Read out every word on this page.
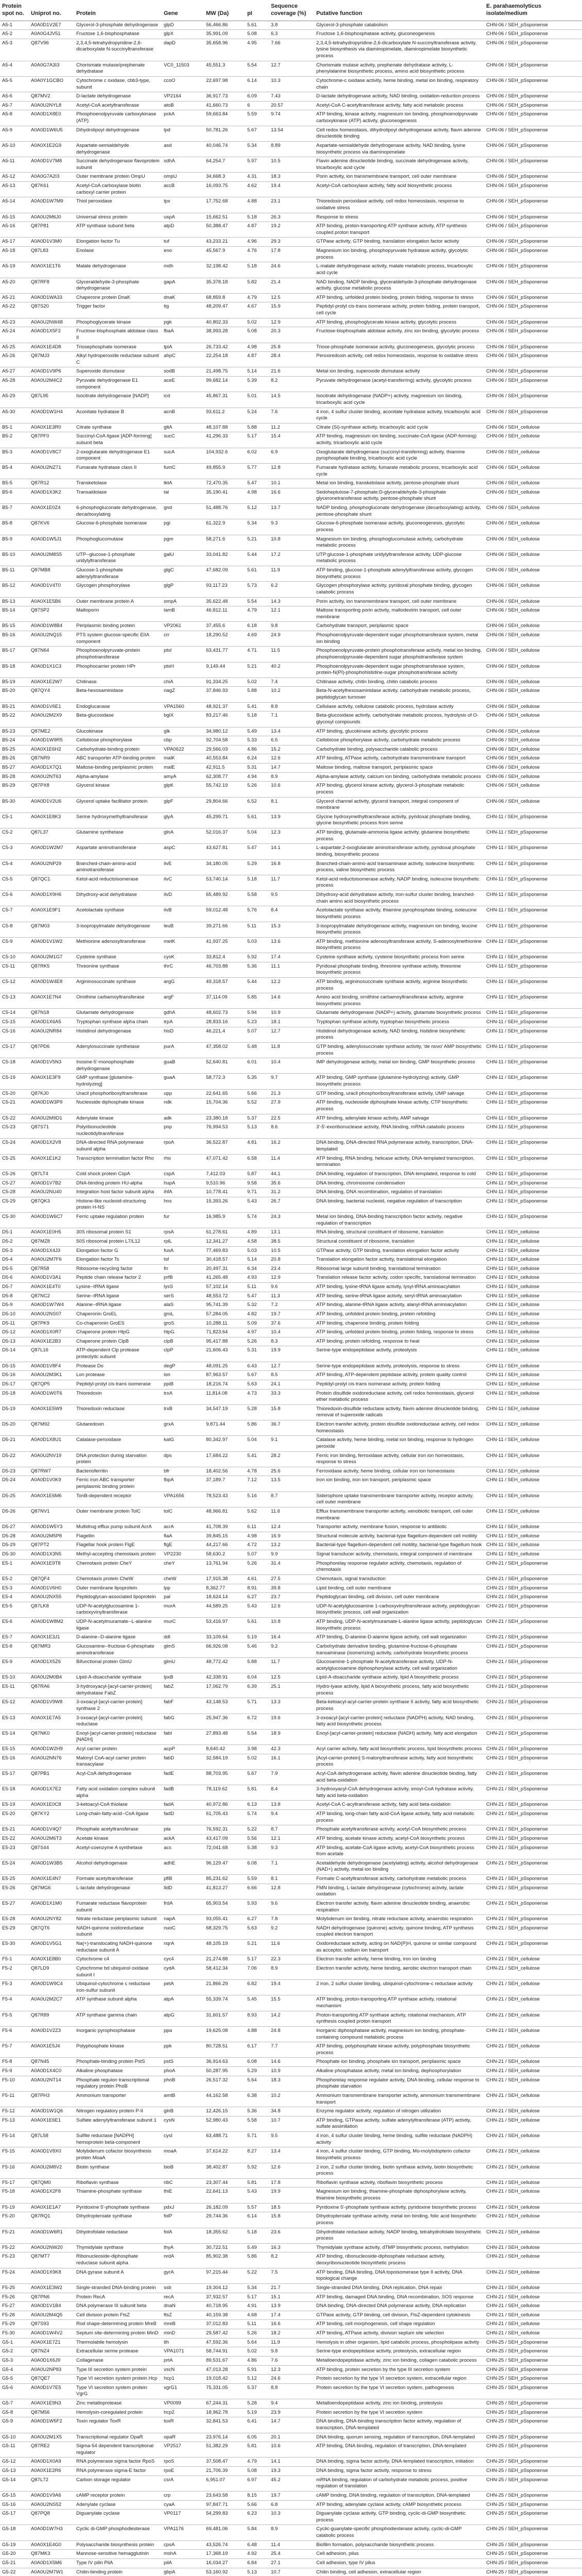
Protein spot no.	Uniprot no.	Protein	Gene	MW (Da)	pI	Sequence coverage (%)	Putative function	E. parahaemolyticus isolate/medium
A5-1	A0A0D1V2E7	Glycerol-3-phosphate dehydrogenase	glpD	56,466.86	5.61	3.8	Glycerol-3-phosphate catabolism	CHN-06 / SEH_pSsponense
A5-2	A0A0G4JV51	Fructose 1,6-bisphosphatase	glpX	35,991.09	5.08	6.3	Fructose 1,6-bisphosphatase activity, gluconeogenesis	CHN-06 / SEH_pSsponense
A5-3	Q87V96	2,3,4,5-tetrahydropyridine-2,6-dicarboxylate N-succinyltransferase	dapD	35,658.96	4.95	7.66	2,3,4,5-tetrahydropyridine-2,6-dicarboxylate N-succinyltransferase activity, lysine biosynthesis via diaminopimelate, diaminopimelate biosynthetic process	CHN-06 / SEH_pSsponense
A5-4	A0A0G7A3I3	Chorismate mutase/prephenate dehydratase	VC0_11503	45,551.3	5.54	12.7	Chorismate mutase activity, prephenate dehydratase activity, L-phenylalanine biosynthetic process, amino acid biosynthetic process	CHN-06 / SEH_pSsponense
A5-5	A0A0Y1GCBO	Cytochrome c oxidase, cbb3-type, subunit	ccoO	22,697.98	6.14	10.3	Cytochrome-c oxidase activity, heme binding, metal ion binding, respiratory chain	CHN-06 / SEH_pSsponense
A5-6	Q87MV2	D-lactate dehydrogenase	VP2164	36,917.73	6.09	7.43	D-lactate dehydrogenase activity, NAD binding, oxidation-reduction process	CHN-06 / SEH_pSsponense
A5-7	A0A0U2NYL8	Acetyl-CoA acetyltransferase	atoB	41,660.73	6	20.57	Acetyl-CoA C-acetyltransferase activity, fatty acid metabolic process	CHN-06 / SEH_pSsponense
A5-8	A0A0D1X8E0	Phosphoenolpyruvate carboxykinase (ATP)	pckA	59,663.84	5.59	9.74	ATP binding, kinase activity, magnesium ion binding, phosphoenolpyruvate carboxykinase (ATP) activity, gluconeogenesis	CHN-06 / SEH_pSsponense
A5-9	A0A0D1W6U5	Dihydrolipoyl dehydrogenase	lpd	50,781.26	5.67	13.54	Cell redox homeostasis, dihydrolipoyl dehydrogenase activity, flavin adenine dinucleotide binding	CHN-06 / SEH_pSsponense
A5-10	A0A0X1E2G9	Aspartate-semialdehyde dehydrogenase	asd	40,046.74	5.34	8.89	Aspartate-semialdehyde dehydrogenase activity, NAD binding, lysine biosynthetic process via diaminopimelate	CHN-06 / SEH_pSsponense
A5-11	A0A0D1V7M8	Succinate dehydrogenase flavoprotein subunit	sdhA	64,254.7	5.97	10.5	Flavin adenine dinucleotide binding, succinate dehydrogenase activity, tricarboxylic acid cycle	CHN-06 / SEH_pSsponense
A5-12	A0A0G7A2I3	Outer membrane protein OmpU	ompU	34,668.3	4.31	18.3	Porin activity, ion transmembrane transport, cell outer membrane	CHN-06 / SEH_pSsponense
A5-13	Q87K61	Acetyl-CoA carboxylase biotin carboxyl carrier protein	accB	16,093.75	4.62	19.4	Acetyl-CoA carboxylase activity, fatty acid biosynthetic process	CHN-06 / SEH_pSsponense
A5-14	A0A0D1W7M9	Thiol peroxidase	tpx	17,752.68	4.88	23.1	Thioredoxin peroxidase activity, cell redox homeostasis, response to oxidative stress	CHN-06 / SEH_pSsponense
A5-15	A0A0U2M6J0	Universal stress protein	uspA	15,662.51	5.18	26.3	Response to stress	CHN-06 / SEH_pSsponense
A5-16	Q87P81	ATP synthase subunit beta	atpD	50,388.47	4.87	19.2	ATP binding, proton-transporting ATP synthase activity, ATP synthesis coupled proton transport	CHN-06 / SEH_pSsponense
A5-17	A0A0D1V3M0	Elongation factor Tu	tuf	43,233.21	4.96	29.3	GTPase activity, GTP binding, translation elongation factor activity	CHN-06 / SEH_pSsponense
A5-18	Q87L83	Enolase	eno	45,567.9	4.76	17.8	Magnesium ion binding, phosphopyruvate hydratase activity, glycolytic process	CHN-06 / SEH_pSsponense
A5-19	A0A0X1E1T6	Malate dehydrogenase	mdh	32,198.42	5.18	24.6	L-malate dehydrogenase activity, malate metabolic process, tricarboxylic acid cycle	CHN-06 / SEH_pSsponense
A5-20	Q87RF8	Glyceraldehyde-3-phosphate dehydrogenase	gapA	35,378.18	5.82	21.4	NAD binding, NADP binding, glyceraldehyde-3-phosphate dehydrogenase activity, glucose metabolic process	CHN-06 / SEH_pSsponense
A5-21	A0A0D1WA33	Chaperone protein DnaK	dnaK	68,859.8	4.79	12.5	ATP binding, unfolded protein binding, protein folding, response to stress	CHN-06 / SEH_pSsponense
A5-22	Q87S20	Trigger factor	tig	48,209.47	4.67	15.9	Peptidyl-prolyl cis-trans isomerase activity, protein folding, protein transport, cell cycle	CHN-06 / SEH_pSsponense
A5-23	A0A0U2NW48	Phosphoglycerate kinase	pgk	40,802.33	5.02	12.9	ATP binding, phosphoglycerate kinase activity, glycolytic process	CHN-06 / SEH_pSsponense
A5-24	A0A0D1X5F2	Fructose-bisphosphate aldolase class II	fbaA	38,993.28	5.08	20.3	Fructose-bisphosphate aldolase activity, zinc ion binding, glycolytic process	CHN-06 / SEH_pSsponense
A5-25	A0A0X1E4D8	Triosephosphate isomerase	tpiA	26,733.42	4.98	25.8	Triose-phosphate isomerase activity, gluconeogenesis, glycolytic process	CHN-06 / SEH_pSsponense
A5-26	Q87MJ3	Alkyl hydroperoxide reductase subunit C	ahpC	22,254.18	4.87	28.4	Peroxiredoxin activity, cell redox homeostasis, response to oxidative stress	CHN-06 / SEH_pSsponense
A5-27	A0A0D1V9P6	Superoxide dismutase	sodB	21,498.75	5.14	21.6	Metal ion binding, superoxide dismutase activity	CHN-06 / SEH_pSsponense
A5-28	A0A0U2M4C2	Pyruvate dehydrogenase E1 component	aceE	99,682.14	5.39	8.2	Pyruvate dehydrogenase (acetyl-transferring) activity, glycolytic process	CHN-06 / SEH_pSsponense
A5-29	Q87L95	Isocitrate dehydrogenase [NADP]	icd	45,867.31	5.01	14.5	Isocitrate dehydrogenase (NADP+) activity, magnesium ion binding, tricarboxylic acid cycle	CHN-06 / SEH_pSsponense
A5-30	A0A0D1W1H4	Aconitate hydratase B	acnB	93,611.2	5.24	7.6	4 iron, 4 sulfur cluster binding, aconitate hydratase activity, tricarboxylic acid cycle	CHN-06 / SEH_pSsponense
B5-1	A0A0X1E3R0	Citrate synthase	gltA	48,107.88	5.88	11.2	Citrate (Si)-synthase activity, tricarboxylic acid cycle	CHN-06 / SEH_cellulose
B5-2	Q87PF0	Succinyl-CoA ligase [ADP-forming] subunit beta	sucC	41,296.33	5.17	15.4	ATP binding, magnesium ion binding, succinate-CoA ligase (ADP-forming) activity, tricarboxylic acid cycle	CHN-06 / SEH_cellulose
B5-3	A0A0D1V8C7	2-oxoglutarate dehydrogenase E1 component	sucA	104,932.6	6.02	6.9	Oxoglutarate dehydrogenase (succinyl-transferring) activity, thiamine pyrophosphate binding, tricarboxylic acid cycle	CHN-06 / SEH_cellulose
B5-4	A0A0U2NZ71	Fumarate hydratase class II	fumC	49,855.9	5.77	12.8	Fumarate hydratase activity, fumarate metabolic process, tricarboxylic acid cycle	CHN-06 / SEH_cellulose
B5-5	Q87R12	Transketolase	tktA	72,470.35	5.47	10.1	Metal ion binding, transketolase activity, pentose-phosphate shunt	CHN-06 / SEH_cellulose
B5-6	A0A0D1X3K2	Transaldolase	tal	35,190.41	4.98	16.6	Sedoheptulose-7-phosphate:D-glyceraldehyde-3-phosphate glyceronetransferase activity, pentose-phosphate shunt	CHN-06 / SEH_cellulose
B5-7	A0A0X1E0Z4	6-phosphogluconate dehydrogenase, decarboxylating	gnd	51,488.76	5.12	13.7	NADP binding, phosphogluconate dehydrogenase (decarboxylating) activity, pentose-phosphate shunt	CHN-06 / SEH_cellulose
B5-8	Q87KV6	Glucose-6-phosphate isomerase	pgi	61,322.9	5.34	9.3	Glucose-6-phosphate isomerase activity, gluconeogenesis, glycolytic process	CHN-06 / SEH_cellulose
B5-9	A0A0D1W5J1	Phosphoglucomutase	pgm	58,271.6	5.21	10.8	Magnesium ion binding, phosphoglucomutase activity, carbohydrate metabolic process	CHN-06 / SEH_cellulose
B5-10	A0A0U2M8S5	UTP--glucose-1-phosphate uridylyltransferase	galU	33,041.82	5.44	17.2	UTP:glucose-1-phosphate uridylyltransferase activity, UDP-glucose metabolic process	CHN-06 / SEH_cellulose
B5-11	Q87MB8	Glucose-1-phosphate adenylyltransferase	glgC	47,682.09	5.61	11.9	ATP binding, glucose-1-phosphate adenylyltransferase activity, glycogen biosynthetic process	CHN-06 / SEH_cellulose
B5-12	A0A0D1V4T0	Glycogen phosphorylase	glgP	93,117.23	5.73	6.2	Glycogen phosphorylase activity, pyridoxal phosphate binding, glycogen catabolic process	CHN-06 / SEH_cellulose
B5-13	A0A0X1E5B6	Outer membrane protein A	ompA	35,622.48	5.54	14.3	Porin activity, ion transmembrane transport, cell outer membrane	CHN-06 / SEH_cellulose
B5-14	Q87SP2	Maltoporin	lamB	46,812.11	4.79	12.1	Maltose transporting porin activity, maltodextrin transport, cell outer membrane	CHN-06 / SEH_cellulose
B5-15	A0A0D1W8B4	Periplasmic binding protein	VP2061	37,455.6	6.18	9.8	Carbohydrate transport, periplasmic space	CHN-06 / SEH_cellulose
B5-16	A0A0U2NQ15	PTS system glucose-specific EIIA component	crr	18,290.52	4.69	24.9	Phosphoenolpyruvate-dependent sugar phosphotransferase system, metal ion binding	CHN-06 / SEH_cellulose
B5-17	Q87N64	Phosphoenolpyruvate-protein phosphotransferase	ptsI	63,431.77	4.71	11.5	Phosphoenolpyruvate-protein phosphotransferase activity, metal ion binding, phosphoenolpyruvate-dependent sugar phosphotransferase system	CHN-06 / SEH_cellulose
B5-18	A0A0D1X1C3	Phosphocarrier protein HPr	ptsH	9,149.44	5.21	40.2	Phosphoenolpyruvate-dependent sugar phosphotransferase system, protein-N(PI)-phosphohistidine-sugar phosphotransferase activity	CHN-06 / SEH_cellulose
B5-19	A0A0X1E2W7	Chitinase	chiA	91,334.25	5.02	7.4	Chitinase activity, chitin binding, chitin catabolic process	CHN-06 / SEH_cellulose
B5-20	Q87QY4	Beta-hexosaminidase	nagZ	37,846.93	5.88	10.2	Beta-N-acetylhexosaminidase activity, carbohydrate metabolic process, peptidoglycan turnover	CHN-06 / SEH_cellulose
B5-21	A0A0D1V6E1	Endoglucanase	VPA1560	48,921.37	5.41	8.8	Cellulase activity, cellulose catabolic process, hydrolase activity	CHN-06 / SEH_cellulose
B5-22	A0A0U2M2X9	Beta-glucosidase	bglX	83,217.46	5.18	7.1	Beta-glucosidase activity, carbohydrate metabolic process, hydrolysis of O-glycosyl compounds	CHN-06 / SEH_cellulose
B5-23	Q87ME2	Glucokinase	glk	34,980.12	5.49	13.4	ATP binding, glucokinase activity, glycolytic process	CHN-06 / SEH_cellulose
B5-24	A0A0D1W9R5	Cellobiose phosphorylase	cbp	92,704.58	5.33	6.5	Cellobiose phosphorylase activity, carbohydrate metabolic process	CHN-06 / SEH_cellulose
B5-25	A0A0X1E6H2	Carbohydrate-binding protein	VPA0622	29,566.03	4.86	15.2	Carbohydrate binding, polysaccharide catabolic process	CHN-06 / SEH_cellulose
B5-26	Q87NR9	ABC transporter ATP-binding protein	malK	40,553.84	6.24	12.6	ATP binding, ATPase activity, carbohydrate transmembrane transport	CHN-06 / SEH_cellulose
B5-27	A0A0D1X7Q1	Maltose-binding periplasmic protein	malE	42,911.5	5.31	14.7	Maltose binding, maltose transport, periplasmic space	CHN-06 / SEH_cellulose
B5-28	A0A0U2NT63	Alpha-amylase	amyA	62,308.77	4.94	8.9	Alpha-amylase activity, calcium ion binding, carbohydrate metabolic process	CHN-06 / SEH_cellulose
B5-29	Q87PX8	Glycerol kinase	glpK	55,742.19	5.26	10.6	ATP binding, glycerol kinase activity, glycerol-3-phosphate metabolic process	CHN-06 / SEH_cellulose
B5-30	A0A0D1V2U6	Glycerol uptake facilitator protein	glpF	29,804.66	6.52	8.1	Glycerol channel activity, glycerol transport, integral component of membrane	CHN-06 / SEH_cellulose
C5-1	A0A0X1E8K3	Serine hydroxymethyltransferase	glyA	45,299.71	5.61	13.9	Glycine hydroxymethyltransferase activity, pyridoxal phosphate binding, glycine biosynthetic process from serine	CHN-11 / SEH_pSsponense
C5-2	Q87L37	Glutamine synthetase	glnA	52,016.37	5.04	12.3	ATP binding, glutamate-ammonia ligase activity, glutamine biosynthetic process	CHN-11 / SEH_pSsponense
C5-3	A0A0D1W2M7	Aspartate aminotransferase	aspC	43,627.81	5.47	14.1	L-aspartate:2-oxoglutarate aminotransferase activity, pyridoxal phosphate binding, biosynthetic process	CHN-11 / SEH_pSsponense
C5-4	A0A0U2NP29	Branched-chain-amino-acid aminotransferase	ilvE	34,180.05	5.29	16.8	Branched-chain-amino-acid transaminase activity, isoleucine biosynthetic process, valine biosynthetic process	CHN-11 / SEH_pSsponense
C5-5	Q87QC1	Ketol-acid reductoisomerase	ilvC	53,740.14	5.18	11.7	Ketol-acid reductoisomerase activity, NADP binding, isoleucine biosynthetic process	CHN-11 / SEH_pSsponense
C5-6	A0A0D1X9H6	Dihydroxy-acid dehydratase	ilvD	65,489.92	5.58	9.5	Dihydroxy-acid dehydratase activity, iron-sulfur cluster binding, branched-chain amino acid biosynthetic process	CHN-11 / SEH_pSsponense
C5-7	A0A0X1E9F1	Acetolactate synthase	ilvB	59,012.48	5.76	8.4	Acetolactate synthase activity, thiamine pyrophosphate binding, isoleucine biosynthetic process	CHN-11 / SEH_pSsponense
C5-8	Q87M03	3-isopropylmalate dehydrogenase	leuB	39,271.66	5.11	15.3	3-isopropylmalate dehydrogenase activity, magnesium ion binding, leucine biosynthetic process	CHN-11 / SEH_pSsponense
C5-9	A0A0D1V1W2	Methionine adenosyltransferase	metK	41,937.25	5.03	13.6	ATP binding, methionine adenosyltransferase activity, S-adenosylmethionine biosynthetic process	CHN-11 / SEH_pSsponense
C5-10	A0A0U2M1G7	Cysteine synthase	cysK	33,812.4	5.92	17.4	Cysteine synthase activity, cysteine biosynthetic process from serine	CHN-11 / SEH_pSsponense
C5-11	Q87RK5	Threonine synthase	thrC	46,703.88	5.36	11.1	Pyridoxal phosphate binding, threonine synthase activity, threonine biosynthetic process	CHN-11 / SEH_pSsponense
C5-12	A0A0D1W4E8	Argininosuccinate synthase	argG	49,318.57	5.44	12.2	ATP binding, argininosuccinate synthase activity, arginine biosynthetic process	CHN-11 / SEH_pSsponense
C5-13	A0A0X1E7N4	Ornithine carbamoyltransferase	argF	37,114.09	5.85	14.6	Amino acid binding, ornithine carbamoyltransferase activity, arginine biosynthetic process	CHN-11 / SEH_pSsponense
C5-14	Q87N18	Glutamate dehydrogenase	gdhA	48,602.73	5.94	10.9	Glutamate dehydrogenase (NADP+) activity, glutamate biosynthetic process	CHN-11 / SEH_pSsponense
C5-15	A0A0D1X6A5	Tryptophan synthase alpha chain	trpA	28,833.16	5.23	18.1	Tryptophan synthase activity, tryptophan biosynthetic process	CHN-11 / SEH_pSsponense
C5-16	A0A0U2NR84	Histidinol dehydrogenase	hisD	46,221.4	5.07	12.7	Histidinol dehydrogenase activity, NAD binding, histidine biosynthetic process	CHN-11 / SEH_pSsponense
C5-17	Q87PD6	Adenylosuccinate synthetase	purA	47,358.02	5.48	11.8	GTP binding, adenylosuccinate synthase activity, 'de novo' AMP biosynthetic process	CHN-11 / SEH_pSsponense
C5-18	A0A0D1V5N3	Inosine-5'-monophosphate dehydrogenase	guaB	52,640.81	6.01	10.4	IMP dehydrogenase activity, metal ion binding, GMP biosynthetic process	CHN-11 / SEH_pSsponense
C5-19	A0A0X1E3F9	GMP synthase [glutamine-hydrolyzing]	guaA	58,772.3	5.35	9.7	ATP binding, GMP synthase (glutamine-hydrolyzing) activity, GMP biosynthetic process	CHN-11 / SEH_pSsponense
C5-20	Q87KJ0	Uracil phosphoribosyltransferase	upp	22,641.65	5.66	21.3	GTP binding, uracil phosphoribosyltransferase activity, UMP salvage	CHN-11 / SEH_pSsponense
C5-21	A0A0D1W3P9	Nucleoside diphosphate kinase	ndk	15,704.36	5.52	27.9	ATP binding, nucleoside diphosphate kinase activity, CTP biosynthetic process	CHN-11 / SEH_pSsponense
C5-22	A0A0U2M9D1	Adenylate kinase	adk	23,380.18	5.37	22.5	ATP binding, adenylate kinase activity, AMP salvage	CHN-11 / SEH_pSsponense
C5-23	Q87S71	Polyribonucleotide nucleotidyltransferase	pnp	76,994.53	5.13	8.6	3'-5'-exoribonuclease activity, RNA binding, mRNA catabolic process	CHN-11 / SEH_pSsponense
C5-24	A0A0D1X2V8	DNA-directed RNA polymerase subunit alpha	rpoA	36,522.87	4.81	16.2	DNA binding, DNA-directed RNA polymerase activity, transcription, DNA-templated	CHN-11 / SEH_pSsponense
C5-25	A0A0X1E1K2	Transcription termination factor Rho	rho	47,071.42	6.58	11.4	ATP binding, RNA binding, helicase activity, DNA-templated transcription, termination	CHN-11 / SEH_pSsponense
C5-26	Q87LT4	Cold shock protein CspA	cspA	7,412.03	5.87	44.1	DNA binding, regulation of transcription, DNA-templated, response to cold	CHN-11 / SEH_pSsponense
C5-27	A0A0D1V7B2	DNA-binding protein HU-alpha	hupA	9,510.96	9.58	35.6	DNA binding, chromosome condensation	CHN-11 / SEH_pSsponense
C5-28	A0A0U2NU40	Integration host factor subunit alpha	ihfA	10,778.41	9.71	31.2	DNA binding, DNA recombination, regulation of translation	CHN-11 / SEH_pSsponense
C5-29	Q87QK3	Histone-like nucleoid-structuring protein H-NS	hns	15,393.26	5.43	26.7	DNA binding, bacterial nucleoid, negative regulation of transcription	CHN-11 / SEH_pSsponense
C5-30	A0A0D1W6C7	Ferric uptake regulation protein	fur	16,985.9	5.74	24.3	Metal ion binding, DNA-binding transcription factor activity, negative regulation of transcription	CHN-11 / SEH_pSsponense
D5-1	A0A0X1E0H5	30S ribosomal protein S1	rpsA	61,278.61	4.89	13.1	RNA binding, structural constituent of ribosome, translation	CHN-11 / SEH_cellulose
D5-2	Q87MZ8	50S ribosomal protein L7/L12	rplL	12,341.27	4.58	38.5	Structural constituent of ribosome, translation	CHN-11 / SEH_cellulose
D5-3	A0A0D1X4J3	Elongation factor G	fusA	77,469.83	5.03	10.5	GTPase activity, GTP binding, translation elongation factor activity	CHN-11 / SEH_cellulose
D5-4	A0A0U2M7F6	Elongation factor Ts	tsf	30,418.57	5.14	20.8	Translation elongation factor activity, translational elongation	CHN-11 / SEH_cellulose
D5-5	Q87R58	Ribosome-recycling factor	frr	20,497.31	6.34	23.4	Ribosomal large subunit binding, translational termination	CHN-11 / SEH_cellulose
D5-6	A0A0D1V3A1	Peptide chain release factor 2	prfB	41,265.48	4.93	12.9	Translation release factor activity, codon specific, translational termination	CHN-11 / SEH_cellulose
D5-7	A0A0X1E4T0	Lysine--tRNA ligase	lysS	57,102.14	5.11	9.6	ATP binding, lysine-tRNA ligase activity, lysyl-tRNA aminoacylation	CHN-11 / SEH_cellulose
D5-8	Q87NC2	Serine--tRNA ligase	serS	48,553.72	5.47	11.3	ATP binding, serine-tRNA ligase activity, seryl-tRNA aminoacylation	CHN-11 / SEH_cellulose
D5-9	A0A0D1W7W4	Alanine--tRNA ligase	alaS	95,741.39	5.32	7.2	ATP binding, alanine-tRNA ligase activity, alanyl-tRNA aminoacylation	CHN-11 / SEH_cellulose
D5-10	A0A0U2NS07	Chaperonin GroEL	groL	57,284.05	4.82	19.7	ATP binding, unfolded protein binding, protein refolding	CHN-11 / SEH_cellulose
D5-11	Q87PK9	Co-chaperonin GroES	groS	10,288.11	5.09	37.6	ATP binding, chaperone binding, protein folding	CHN-11 / SEH_cellulose
D5-12	A0A0D1X0R7	Chaperone protein HtpG	htpG	71,823.64	4.97	10.4	ATP binding, unfolded protein binding, protein folding, response to stress	CHN-11 / SEH_cellulose
D5-13	A0A0X1E2B3	Chaperone protein ClpB	clpB	95,417.88	5.26	8.3	ATP binding, protein refolding, response to heat	CHN-11 / SEH_cellulose
D5-14	Q87L16	ATP-dependent Clp protease proteolytic subunit	clpP	21,606.43	5.31	19.9	Serine-type endopeptidase activity, proteolysis	CHN-11 / SEH_cellulose
D5-15	A0A0D1V8F4	Protease Do	degP	48,091.25	6.43	12.7	Serine-type endopeptidase activity, proteolysis, response to stress	CHN-11 / SEH_cellulose
D5-16	A0A0U2M3K1	Lon protease	lon	87,963.57	5.67	8.5	ATP binding, ATP-dependent peptidase activity, protein quality control	CHN-11 / SEH_cellulose
D5-17	Q87QP5	Peptidyl-prolyl cis-trans isomerase	ppiB	18,216.74	5.63	24.1	Peptidyl-prolyl cis-trans isomerase activity, protein folding	CHN-11 / SEH_cellulose
D5-18	A0A0D1W0T6	Thioredoxin	trxA	11,814.08	4.73	33.3	Protein disulfide oxidoreductase activity, cell redox homeostasis, glycerol ether metabolic process	CHN-11 / SEH_cellulose
D5-19	A0A0X1E5W9	Thioredoxin reductase	trxB	34,547.19	5.28	15.8	Thioredoxin-disulfide reductase activity, flavin adenine dinucleotide binding, removal of superoxide radicals	CHN-11 / SEH_cellulose
D5-20	Q87M92	Glutaredoxin	grxA	9,871.44	5.86	36.7	Electron transfer activity, protein disulfide oxidoreductase activity, cell redox homeostasis	CHN-11 / SEH_cellulose
D5-21	A0A0D1X8U1	Catalase-peroxidase	katG	80,342.97	5.04	9.1	Catalase activity, heme binding, metal ion binding, response to hydrogen peroxide	CHN-11 / SEH_cellulose
D5-22	A0A0U2NV19	DNA protection during starvation protein	dps	17,684.22	5.41	28.2	Ferric iron binding, ferroxidase activity, cellular iron ion homeostasis, response to stress	CHN-11 / SEH_cellulose
D5-23	Q87RW7	Bacterioferritin	bfr	18,402.56	4.78	25.6	Ferroxidase activity, heme binding, cellular iron ion homeostasis	CHN-11 / SEH_cellulose
D5-24	A0A0D1V0K9	Ferric iron ABC transporter periplasmic binding protein	fbpA	37,189.7	7.12	13.5	Iron ion binding, iron ion transport, periplasmic space	CHN-11 / SEH_cellulose
D5-25	A0A0X1E6M6	TonB-dependent receptor	VPA1656	78,523.43	5.16	8.7	Siderophore uptake transmembrane transporter activity, receptor activity, cell outer membrane	CHN-11 / SEH_cellulose
D5-26	Q87NV1	Outer membrane protein TolC	tolC	48,966.81	5.62	11.6	Efflux transmembrane transporter activity, xenobiotic transport, cell outer membrane	CHN-11 / SEH_cellulose
D5-27	A0A0D1W5Y3	Multidrug efflux pump subunit AcrA	acrA	41,708.39	6.11	12.4	Transporter activity, membrane fusion, response to antibiotic	CHN-11 / SEH_cellulose
D5-28	A0A0U2M5P8	Flagellin	flaA	39,845.15	4.98	16.9	Structural molecule activity, bacterial-type flagellum-dependent cell motility	CHN-11 / SEH_cellulose
D5-29	Q87PT2	Flagellar hook protein FlgE	flgE	44,217.66	4.72	13.2	Bacterial-type flagellum-dependent cell motility, bacterial-type flagellum hook	CHN-11 / SEH_cellulose
D5-30	A0A0D1X3N5	Methyl-accepting chemotaxis protein	VP2230	58,630.2	5.07	9.9	Signal transducer activity, chemotaxis, integral component of membrane	CHN-11 / SEH_cellulose
E5-1	A0A0X1E9T8	Chemotaxis protein CheY	cheY	13,761.94	5.26	31.4	Phosphorelay response regulator activity, chemotaxis, regulation of chemotaxis	CHN-21 / SEH_pSsponense
E5-2	Q87QF4	Chemotaxis protein CheW	cheW	17,915.38	4.61	27.5	Chemotaxis, signal transduction	CHN-21 / SEH_pSsponense
E5-3	A0A0D1V6H0	Outer membrane lipoprotein	lpp	8,362.77	8.91	39.8	Lipid binding, cell outer membrane	CHN-21 / SEH_pSsponense
E5-4	A0A0U2NX55	Peptidoglycan-associated lipoprotein	pal	18,624.14	6.27	23.7	Peptidoglycan binding, cell division, cell outer membrane	CHN-21 / SEH_pSsponense
E5-5	Q87LK8	UDP-N-acetylglucosamine 1-carboxyvinyltransferase	murA	44,589.25	5.43	12.6	UDP-N-acetylglucosamine 1-carboxyvinyltransferase activity, peptidoglycan biosynthetic process, cell wall organization	CHN-21 / SEH_pSsponense
E5-6	A0A0D1W8M2	UDP-N-acetylmuramate--L-alanine ligase	murC	53,416.97	5.61	10.8	ATP binding, UDP-N-acetylmuramate-L-alanine ligase activity, peptidoglycan biosynthetic process	CHN-21 / SEH_pSsponense
E5-7	A0A0X1E3J1	D-alanine--D-alanine ligase	ddl	33,109.64	5.19	16.4	ATP binding, D-alanine-D-alanine ligase activity, cell wall organization	CHN-21 / SEH_pSsponense
E5-8	Q87MR3	Glucosamine--fructose-6-phosphate aminotransferase	glmS	66,926.08	5.46	9.2	Carbohydrate derivative binding, glutamine-fructose-6-phosphate transaminase (isomerizing) activity, carbohydrate biosynthetic process	CHN-21 / SEH_pSsponense
E5-9	A0A0D1X5Z6	Bifunctional protein GlmU	glmU	48,772.42	5.88	11.7	Glucosamine-1-phosphate N-acetyltransferase activity, UDP-N-acetylglucosamine diphosphorylase activity, cell wall organization	CHN-21 / SEH_pSsponense
E5-10	A0A0U2M0B4	Lipid-A-disaccharide synthase	lpxB	42,338.91	6.04	12.5	Lipid-A-disaccharide synthase activity, lipid A biosynthetic process	CHN-21 / SEH_pSsponense
E5-11	Q87RA6	3-hydroxyacyl-[acyl-carrier-protein] dehydratase FabZ	fabZ	17,062.79	6.39	25.1	Hydro-lyase activity, lipid A biosynthetic process, fatty acid biosynthetic process	CHN-21 / SEH_pSsponense
E5-12	A0A0D1V9W8	3-oxoacyl-[acyl-carrier-protein] synthase 2	fabF	43,148.53	5.71	13.3	Beta-ketoacyl-acyl-carrier-protein synthase II activity, fatty acid biosynthetic process	CHN-21 / SEH_pSsponense
E5-13	A0A0X1E7A5	3-oxoacyl-[acyl-carrier-protein] reductase	fabG	25,947.36	6.72	19.6	3-oxoacyl-[acyl-carrier-protein] reductase (NADPH) activity, NAD binding, fatty acid biosynthetic process	CHN-21 / SEH_pSsponense
E5-14	Q87NK0	Enoyl-[acyl-carrier-protein] reductase [NADH]	fabI	27,893.48	5.54	18.9	Enoyl-[acyl-carrier-protein] reductase (NADH) activity, fatty acid elongation	CHN-21 / SEH_pSsponense
E5-15	A0A0D1W2H9	Acyl carrier protein	acpP	8,640.42	3.98	42.3	Acyl carrier activity, fatty acid biosynthetic process, lipid biosynthetic process	CHN-21 / SEH_pSsponense
E5-16	A0A0U2NN76	Malonyl CoA-acyl carrier protein transacylase	fabD	32,584.19	5.02	16.1	[Acyl-carrier-protein] S-malonyltransferase activity, fatty acid biosynthetic process	CHN-21 / SEH_pSsponense
E5-17	Q87PB1	Acyl-CoA dehydrogenase	fadE	88,703.95	5.67	7.9	Acyl-CoA dehydrogenase activity, flavin adenine dinucleotide binding, fatty acid beta-oxidation	CHN-21 / SEH_pSsponense
E5-18	A0A0D1X7E2	Fatty acid oxidation complex subunit alpha	fadB	78,119.62	5.81	8.4	3-hydroxyacyl-CoA dehydrogenase activity, enoyl-CoA hydratase activity, fatty acid beta-oxidation	CHN-21 / SEH_pSsponense
E5-19	A0A0X1E0C8	3-ketoacyl-CoA thiolase	fadA	40,972.86	6.13	13.8	Acetyl-CoA C-acyltransferase activity, fatty acid beta-oxidation	CHN-21 / SEH_pSsponense
E5-20	Q87KY2	Long-chain-fatty-acid--CoA ligase	fadD	61,705.43	5.74	9.4	ATP binding, long-chain fatty acid-CoA ligase activity, fatty acid metabolic process	CHN-21 / SEH_pSsponense
E5-21	A0A0D1V4Q7	Phosphate acetyltransferase	pta	76,592.31	5.22	8.7	Phosphate acetyltransferase activity, acetyl-CoA biosynthetic process	CHN-21 / SEH_pSsponense
E5-22	A0A0U2M6T3	Acetate kinase	ackA	43,417.09	5.56	12.1	ATP binding, acetate kinase activity, acetyl-CoA biosynthetic process	CHN-21 / SEH_pSsponense
E5-23	Q87S44	Acetyl-coenzyme A synthetase	acs	72,041.68	5.38	9.3	ATP binding, acetate-CoA ligase activity, acetyl-CoA biosynthetic process from acetate	CHN-21 / SEH_pSsponense
E5-24	A0A0D1W3B5	Alcohol dehydrogenase	adhE	96,129.47	6.08	7.1	Acetaldehyde dehydrogenase (acetylating) activity, alcohol dehydrogenase (NAD+) activity, metal ion binding	CHN-21 / SEH_pSsponense
E5-25	A0A0X1E4N7	Formate acetyltransferase	pflB	85,231.62	5.59	8.1	Formate C-acetyltransferase activity, carbohydrate metabolic process	CHN-21 / SEH_pSsponense
E5-26	Q87MG6	L-lactate dehydrogenase	lldD	41,813.27	6.66	12.8	FMN binding, L-lactate dehydrogenase (cytochrome) activity, lactate oxidation	CHN-21 / SEH_pSsponense
E5-27	A0A0D1X1M0	Fumarate reductase flavoprotein subunit	frdA	65,903.54	5.93	9.6	Electron transfer activity, flavin adenine dinucleotide binding, anaerobic respiration	CHN-21 / SEH_pSsponense
E5-28	A0A0U2NY82	Nitrate reductase periplasmic subunit	napA	93,055.41	6.27	7.8	Molybdenum ion binding, nitrate reductase activity, anaerobic respiration	CHN-21 / SEH_pSsponense
E5-29	Q87QT6	NADH-quinone oxidoreductase subunit	nuoC	68,329.75	5.63	9.2	NADH dehydrogenase (quinone) activity, quinone binding, ATP synthesis coupled electron transport	CHN-21 / SEH_pSsponense
E5-30	A0A0D1V5G1	Na(+)-translocating NADH-quinone reductase subunit A	nqrA	48,105.19	5.21	11.6	Oxidoreductase activity, acting on NAD(P)H, quinone or similar compound as acceptor, sodium ion transport	CHN-21 / SEH_pSsponense
F5-1	A0A0X1E8B0	Cytochrome c4	cyc4	21,274.88	5.17	22.3	Electron transfer activity, heme binding, iron ion binding	CHN-21 / SEH_cellulose
F5-2	Q87LD9	Cytochrome bd ubiquinol oxidase subunit I	cydA	58,412.34	7.06	8.9	Electron transfer activity, heme binding, aerobic electron transport chain	CHN-21 / SEH_cellulose
F5-3	A0A0D1W9C4	Ubiquinol-cytochrome c reductase iron-sulfur subunit	petA	21,866.29	6.82	19.4	2 iron, 2 sulfur cluster binding, ubiquinol-cytochrome-c reductase activity	CHN-21 / SEH_cellulose
F5-4	A0A0U2M2C7	ATP synthase subunit alpha	atpA	55,339.74	5.45	15.5	ATP binding, proton-transporting ATP synthase activity, rotational mechanism	CHN-21 / SEH_cellulose
F5-5	Q87R89	ATP synthase gamma chain	atpG	31,601.57	8.93	14.2	Proton-transporting ATP synthase activity, rotational mechanism, ATP synthesis coupled proton transport	CHN-21 / SEH_cellulose
F5-6	A0A0D1V2Z3	Inorganic pyrophosphatase	ppa	19,625.08	4.88	24.8	Inorganic diphosphatase activity, magnesium ion binding, phosphate-containing compound metabolic process	CHN-21 / SEH_cellulose
F5-7	A0A0X1E5J4	Polyphosphate kinase	ppk	80,728.51	6.17	7.7	ATP binding, polyphosphate kinase activity, polyphosphate biosynthetic process	CHN-21 / SEH_cellulose
F5-8	Q87N45	Phosphate-binding protein PstS	pstS	36,914.63	6.08	14.6	Phosphate ion binding, phosphate ion transport, periplasmic space	CHN-21 / SEH_cellulose
F5-9	A0A0D1X4C0	Alkaline phosphatase	phoA	50,287.95	5.29	10.9	Alkaline phosphatase activity, metal ion binding, dephosphorylation	CHN-21 / SEH_cellulose
F5-10	A0A0U2NT14	Phosphate regulon transcriptional regulatory protein PhoB	phoB	26,517.32	5.64	18.3	Phosphorelay response regulator activity, DNA binding, cellular response to phosphate starvation	CHN-21 / SEH_cellulose
F5-11	Q87PH3	Ammonium transporter	amtB	44,162.58	6.38	10.2	Ammonium transmembrane transporter activity, ammonium transmembrane transport	CHN-21 / SEH_cellulose
F5-12	A0A0D1W1Q6	Nitrogen regulatory protein P-II	glnB	12,426.15	5.36	34.8	Enzyme regulator activity, regulation of nitrogen utilization	CHN-21 / SEH_cellulose
F5-13	A0A0X1E6E1	Sulfate adenylyltransferase subunit 1	cysN	52,980.43	5.58	10.7	ATP binding, GTPase activity, sulfate adenylyltransferase (ATP) activity, sulfate assimilation	CHN-21 / SEH_cellulose
F5-14	Q87L58	Sulfite reductase [NADPH] hemoprotein beta-component	cysI	63,488.71	5.71	9.5	4 iron, 4 sulfur cluster binding, heme binding, sulfite reductase (NADPH) activity	CHN-21 / SEH_cellulose
F5-15	A0A0D1V8X0	Molybdenum cofactor biosynthesis protein MoaA	moaA	37,614.22	8.27	13.4	4 iron, 4 sulfur cluster binding, GTP binding, Mo-molybdopterin cofactor biosynthetic process	CHN-21 / SEH_cellulose
F5-16	A0A0U2M8V2	Biotin synthase	bioB	38,402.87	5.92	12.6	2 iron, 2 sulfur cluster binding, biotin synthase activity, biotin biosynthetic process	CHN-21 / SEH_cellulose
F5-17	Q87QM0	Riboflavin synthase	ribC	23,307.44	5.81	17.8	Riboflavin synthase activity, riboflavin biosynthetic process	CHN-21 / SEH_cellulose
F5-18	A0A0D1X2F8	Thiamine-phosphate synthase	thiE	22,641.13	5.43	19.9	Magnesium ion binding, thiamine-phosphate diphosphorylase activity, thiamine biosynthetic process	CHN-21 / SEH_cellulose
F5-19	A0A0X1E1A7	Pyridoxine 5'-phosphate synthase	pdxJ	26,182.09	5.57	18.5	Pyridoxine 5'-phosphate synthase activity, pyridoxine biosynthetic process	CHN-21 / SEH_cellulose
F5-20	Q87RQ1	Dihydropteroate synthase	folP	29,744.36	6.14	15.8	Dihydropteroate synthase activity, metal ion binding, folic acid biosynthetic process	CHN-21 / SEH_cellulose
F5-21	A0A0D1W6R1	Dihydrofolate reductase	folA	18,355.62	5.18	23.6	Dihydrofolate reductase activity, NADP binding, tetrahydrofolate biosynthetic process	CHN-21 / SEH_cellulose
F5-22	A0A0U2NW20	Thymidylate synthase	thyA	30,722.51	5.49	16.3	Thymidylate synthase activity, dTMP biosynthetic process, methylation	CHN-21 / SEH_cellulose
F5-23	Q87MT7	Ribonucleoside-diphosphate reductase subunit alpha	nrdA	85,902.38	5.86	8.2	ATP binding, ribonucleoside-diphosphate reductase activity, deoxyribonucleotide biosynthetic process	CHN-21 / SEH_cellulose
F5-24	A0A0D1X9K8	DNA gyrase subunit A	gyrA	97,215.44	5.22	7.5	ATP binding, DNA binding, DNA topoisomerase type II activity, DNA topological change	CHN-21 / SEH_cellulose
F5-25	A0A0X1E3W2	Single-stranded DNA-binding protein	ssb	19,304.12	5.34	21.7	Single-stranded DNA binding, DNA replication, DNA repair	CHN-21 / SEH_cellulose
F5-26	Q87PN6	Protein RecA	recA	37,932.57	5.17	15.1	ATP binding, damaged DNA binding, DNA recombination, SOS response	CHN-21 / SEH_cellulose
F5-27	A0A0D1V1B4	DNA polymerase III subunit beta	dnaN	40,718.95	4.91	13.9	DNA binding, DNA-directed DNA polymerase activity, DNA replication	CHN-21 / SEH_cellulose
F5-28	A0A0U2M4Q5	Cell division protein FtsZ	ftsZ	40,159.38	4.68	17.4	GTPase activity, GTP binding, cell division, FtsZ-dependent cytokinesis	CHN-21 / SEH_cellulose
F5-29	Q87S93	Rod shape-determining protein MreB	mreB	37,012.83	5.11	16.6	ATP binding, cell morphogenesis, cell shape regulation	CHN-21 / SEH_cellulose
F5-30	A0A0D1W4V2	Septum site-determining protein MinD	minD	29,587.42	5.26	18.2	ATP binding, ATPase activity, division septum site selection	CHN-21 / SEH_cellulose
G5-1	A0A0X1E7Z1	Thermolabile hemolysin	tlh	47,592.36	5.64	11.9	Hemolysis in other organism, lipid catabolic process, phospholipase activity	CHN-25 / SEH_pSsponense
G5-2	Q87NZ4	Extracellular serine protease	VPA1071	58,744.91	5.02	9.8	Serine-type endopeptidase activity, proteolysis, extracellular region	CHN-25 / SEH_pSsponense
G5-3	A0A0D1X6J9	Collagenase	prtA	89,531.67	4.86	7.6	Metalloendopeptidase activity, zinc ion binding, collagen catabolic process	CHN-25 / SEH_pSsponense
G5-4	A0A0U2NP83	Type III secretion system protein	vscN	47,013.28	5.91	12.3	ATP binding, protein secretion by the type III secretion system	CHN-25 / SEH_pSsponense
G5-5	Q87QE7	Type VI secretion system protein Hcp	hcp1	19,018.42	5.12	24.6	Protein secretion by the type VI secretion system, extracellular region	CHN-25 / SEH_pSsponense
G5-6	A0A0D1V7E5	Type VI secretion system protein VgrG	vgrG1	75,331.05	5.37	8.8	Protein secretion by the type VI secretion system, pathogenesis	CHN-25 / SEH_pSsponense
G5-7	A0A0X1E9N3	Zinc metalloprotease	VP0099	67,244.31	5.28	9.4	Metalloendopeptidase activity, zinc ion binding, proteolysis	CHN-25 / SEH_pSsponense
G5-8	Q87M56	Hemolysin-coregulated protein	hcp2	18,962.78	5.19	23.9	Protein secretion by the type VI secretion system	CHN-25 / SEH_pSsponense
G5-9	A0A0D1W5F2	Toxin regulator ToxR	toxR	32,841.53	6.41	14.7	DNA binding, DNA-binding transcription factor activity, regulation of transcription, DNA-templated	CHN-25 / SEH_pSsponense
G5-10	A0A0U2M1X5	Transcriptional regulator OpaR	opaR	23,976.14	6.05	20.1	DNA binding, quorum sensing, regulation of transcription, DNA-templated	CHN-25 / SEH_pSsponense
G5-11	Q87RE2	Sigma-54 dependent transcriptional regulator	VP2517	51,382.29	5.81	10.6	ATP binding, DNA binding, regulation of transcription, DNA-templated	CHN-25 / SEH_pSsponense
G5-12	A0A0D1X0A9	RNA polymerase sigma factor RpoS	rpoS	37,508.47	4.79	14.1	DNA binding, sigma factor activity, DNA-templated transcription, initiation	CHN-25 / SEH_pSsponense
G5-13	A0A0X1E2R6	RNA polymerase sigma-E factor	rpoE	21,706.39	5.08	19.3	DNA binding, sigma factor activity, response to stress	CHN-25 / SEH_pSsponense
G5-14	Q87L72	Carbon storage regulator	csrA	6,951.07	6.97	45.2	mRNA binding, regulation of carbohydrate metabolic process, positive regulation of translation	CHN-25 / SEH_pSsponense
G5-15	A0A0D1V9A6	cAMP receptor protein	crp	23,643.58	8.15	19.7	cAMP binding, DNA binding, regulation of transcription, DNA-templated	CHN-25 / SEH_pSsponense
G5-16	A0A0U2NS52	Adenylate cyclase	cyaA	97,847.71	5.66	6.8	ATP binding, adenylate cyclase activity, cAMP biosynthetic process	CHN-25 / SEH_pSsponense
G5-17	Q87PQ8	Diguanylate cyclase	VP0117	54,299.83	6.23	10.3	Diguanylate cyclase activity, GTP binding, cyclic-di-GMP biosynthetic process	CHN-25 / SEH_pSsponense
G5-18	A0A0D1W7H3	Cyclic di-GMP phosphodiesterase	VPA1176	69,481.06	5.84	8.9	Cyclic-guanylate-specific phosphodiesterase activity, cyclic-di-GMP catabolic process	CHN-25 / SEH_pSsponense
G5-19	A0A0X1E4G0	Polysaccharide biosynthesis protein	cpsA	43,526.74	6.48	11.4	Biofilm formation, polysaccharide biosynthetic process	CHN-25 / SEH_pSsponense
G5-20	Q87MK3	Mannose-sensitive hemagglutinin	mshA	17,368.19	4.92	25.4	Cell adhesion, pilus	CHN-25 / SEH_pSsponense
G5-21	A0A0D1X5M6	Type IV pilin PilA	pilA	16,034.27	6.84	27.1	Cell adhesion, type IV pilus	CHN-25 / SEH_pSsponense
G5-22	A0A0U2M7W1	Chitin-binding protein	gbpA	53,160.92	5.13	10.7	Chitin binding, cell adhesion, extracellular region	CHN-25 / SEH_pSsponense
